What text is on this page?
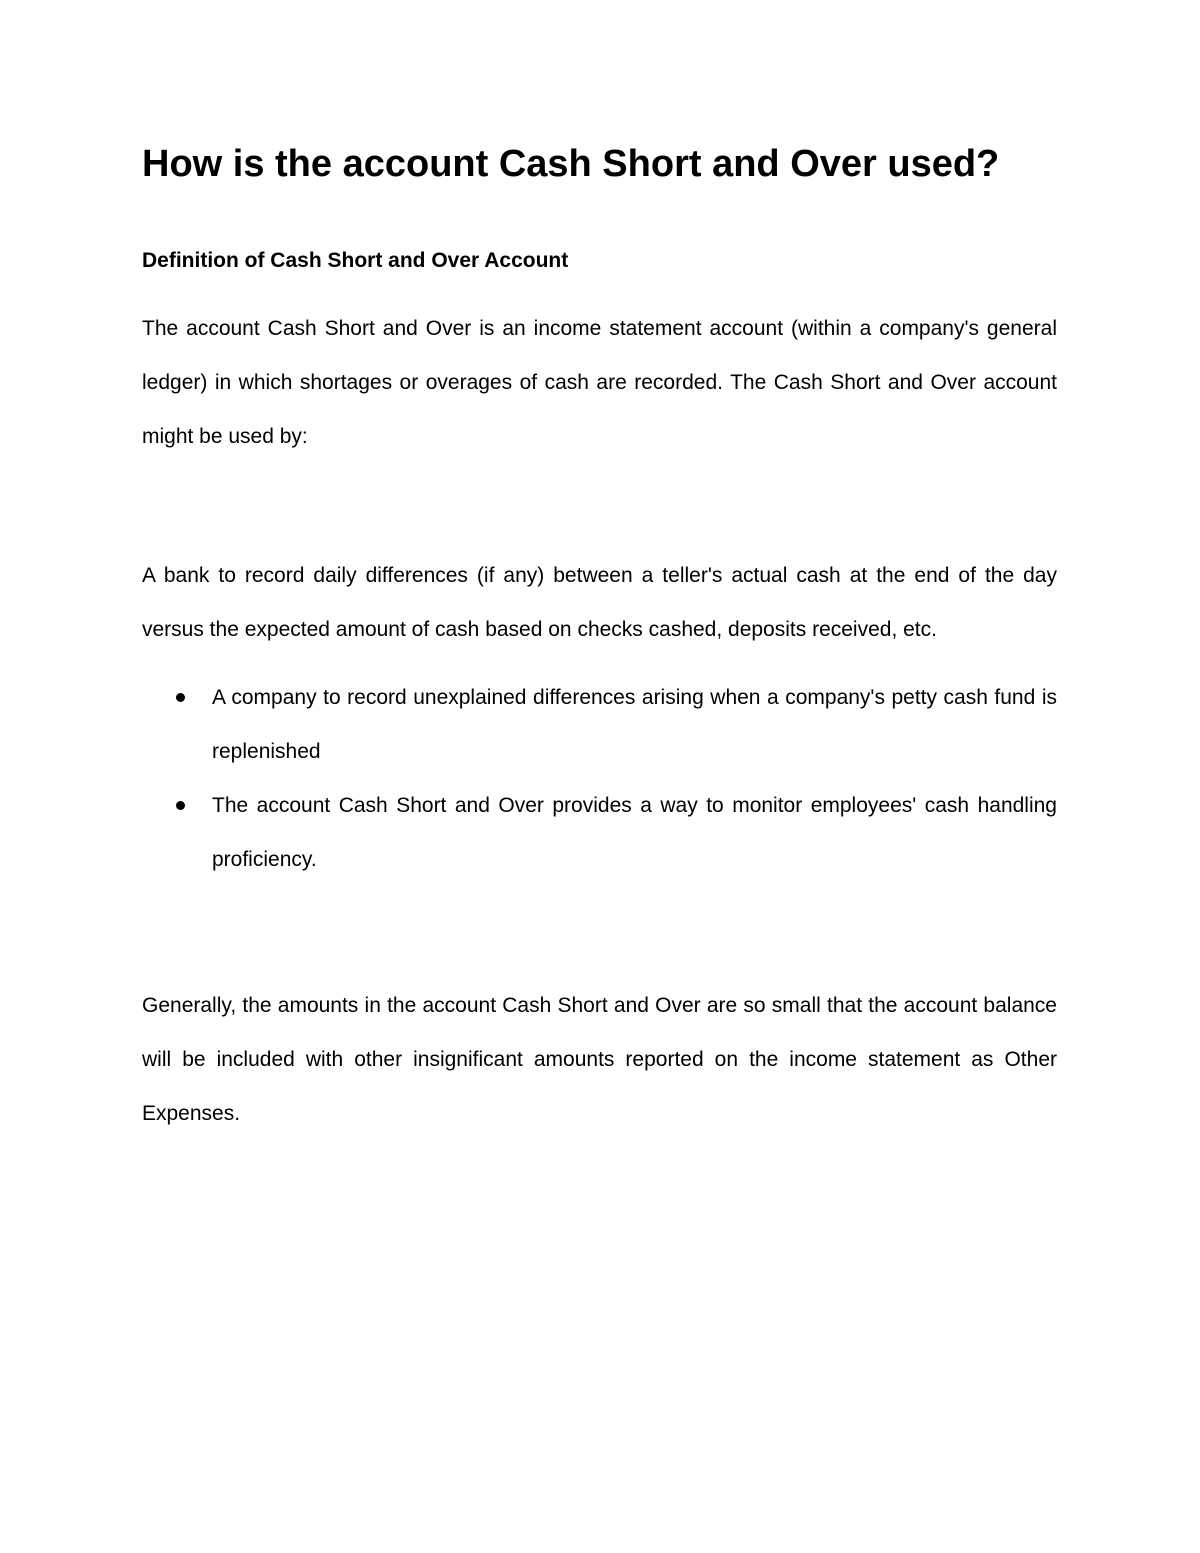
How is the account Cash Short and Over used?
Definition of Cash Short and Over Account

The account Cash Short and Over is an income statement account (within a company's general ledger) in which shortages or overages of cash are recorded. The Cash Short and Over account might be used by:

A bank to record daily differences (if any) between a teller's actual cash at the end of the day versus the expected amount of cash based on checks cashed, deposits received, etc.

A company to record unexplained differences arising when a company's petty cash fund is replenished
The account Cash Short and Over provides a way to monitor employees' cash handling proficiency.

Generally, the amounts in the account Cash Short and Over are so small that the account balance will be included with other insignificant amounts reported on the income statement as Other Expenses.
